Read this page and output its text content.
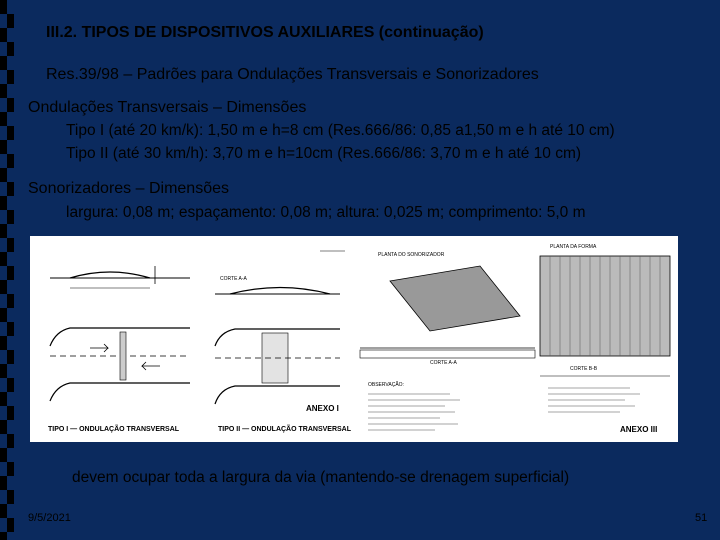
III.2. TIPOS DE DISPOSITIVOS AUXILIARES (continuação)
Res.39/98 – Padrões para Ondulações Transversais e Sonorizadores
Ondulações Transversais – Dimensões
Tipo I (até 20 km/k): 1,50 m e h=8 cm (Res.666/86: 0,85 a1,50 m e h até 10 cm)
Tipo II (até 30 km/h): 3,70 m e h=10cm (Res.666/86: 3,70 m e h até 10 cm)
Sonorizadores – Dimensões
largura: 0,08 m; espaçamento: 0,08 m; altura: 0,025 m; comprimento: 5,0 m
TIPO I — ONDULAÇÃO TRANSVERSAL
CORTE A-A
TIPO II — ONDULAÇÃO TRANSVERSAL
ANEXO I
PLANTA DO SONORIZADOR
CORTE A-A
OBSERVAÇÃO:
PLANTA DA FORMA
CORTE B-B
ANEXO III
devem ocupar toda a largura da via (mantendo-se drenagem superficial)
9/5/2021	51
